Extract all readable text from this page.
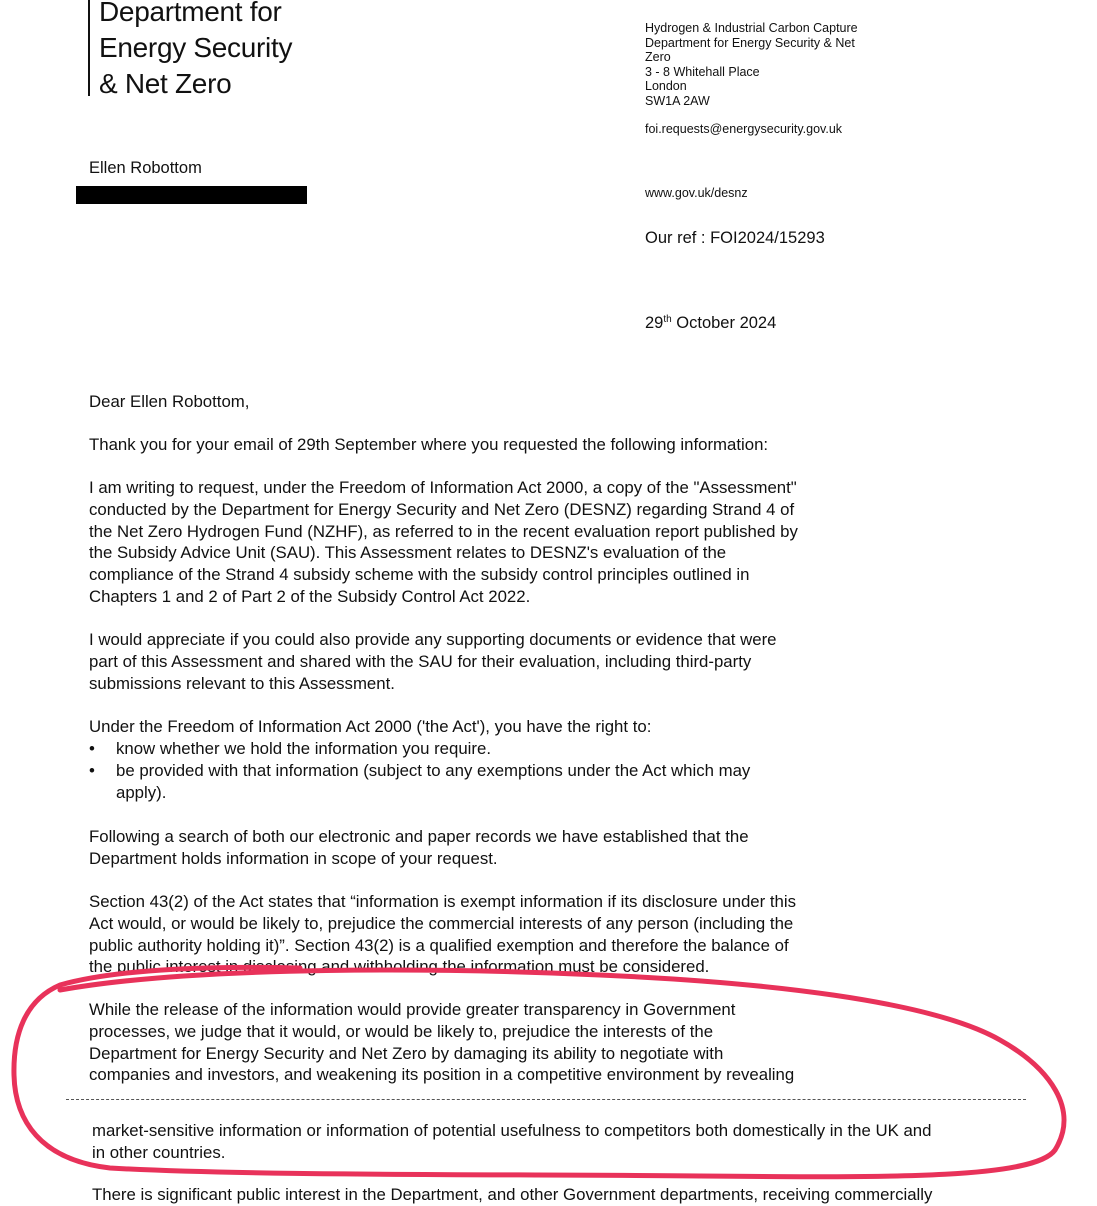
Department for
Energy Security
& Net Zero
Hydrogen & Industrial Carbon Capture
Department for Energy Security & Net
Zero
3 - 8 Whitehall Place
London
SW1A 2AW
foi.requests@energysecurity.gov.uk
www.gov.uk/desnz
Our ref : FOI2024/15293
29th October 2024
Ellen Robottom
Dear Ellen Robottom,
Thank you for your email of 29th September where you requested the following information:
I am writing to request, under the Freedom of Information Act 2000, a copy of the "Assessment"
conducted by the Department for Energy Security and Net Zero (DESNZ) regarding Strand 4 of
the Net Zero Hydrogen Fund (NZHF), as referred to in the recent evaluation report published by
the Subsidy Advice Unit (SAU). This Assessment relates to DESNZ's evaluation of the
compliance of the Strand 4 subsidy scheme with the subsidy control principles outlined in
Chapters 1 and 2 of Part 2 of the Subsidy Control Act 2022.
I would appreciate if you could also provide any supporting documents or evidence that were
part of this Assessment and shared with the SAU for their evaluation, including third-party
submissions relevant to this Assessment.
Under the Freedom of Information Act 2000 ('the Act'), you have the right to:
• know whether we hold the information you require.
• be provided with that information (subject to any exemptions under the Act which may
apply).
Following a search of both our electronic and paper records we have established that the
Department holds information in scope of your request.
Section 43(2) of the Act states that “information is exempt information if its disclosure under this
Act would, or would be likely to, prejudice the commercial interests of any person (including the
public authority holding it)”. Section 43(2) is a qualified exemption and therefore the balance of
the public interest in disclosing and withholding the information must be considered.
While the release of the information would provide greater transparency in Government
processes, we judge that it would, or would be likely to, prejudice the interests of the
Department for Energy Security and Net Zero by damaging its ability to negotiate with
companies and investors, and weakening its position in a competitive environment by revealing
market-sensitive information or information of potential usefulness to competitors both domestically in the UK and
in other countries.
There is significant public interest in the Department, and other Government departments, receiving commercially
